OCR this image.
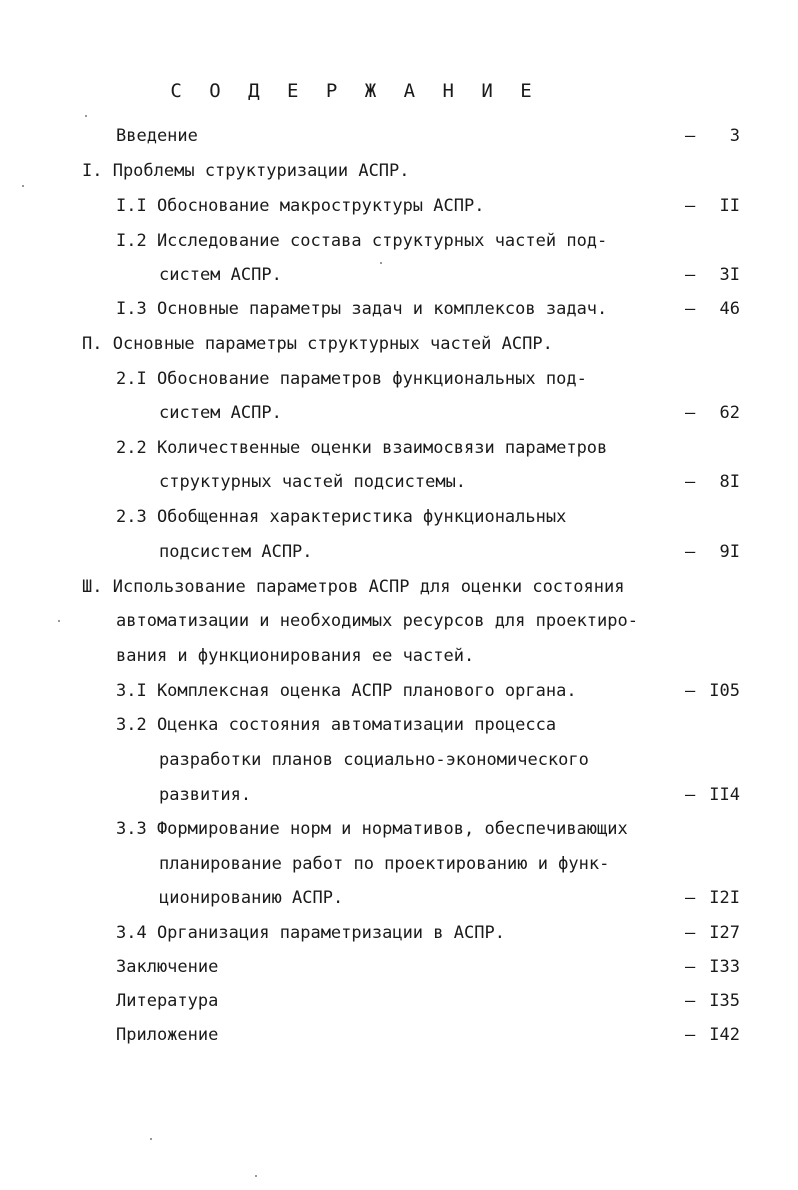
С О Д Е Р Ж А Н И Е
Введение	– 3
I. Проблемы структуризации АСПР.
I.I Обоснование макроструктуры АСПР.	– II
I.2 Исследование состава структурных частей под-
систем АСПР.	– 3I
I.3 Основные параметры задач и комплексов задач.	– 46
П. Основные параметры структурных частей АСПР.
2.I Обоснование параметров функциональных под-
систем АСПР.	– 62
2.2 Количественные оценки взаимосвязи параметров
структурных частей подсистемы.	– 8I
2.3 Обобщенная характеристика функциональных
подсистем АСПР.	– 9I
Ш. Использование параметров АСПР для оценки состояния
автоматизации и необходимых ресурсов для проектиро-
вания и функционирования ее частей.
3.I Комплексная оценка АСПР планового органа.	– I05
3.2 Оценка состояния автоматизации процесса
разработки планов социально-экономического
развития.	– II4
3.3 Формирование норм и нормативов, обеспечивающих
планирование работ по проектированию и функ-
ционированию АСПР.	– I2I
3.4 Организация параметризации в АСПР.	– I27
Заключение	– I33
Литература	– I35
Приложение	– I42
